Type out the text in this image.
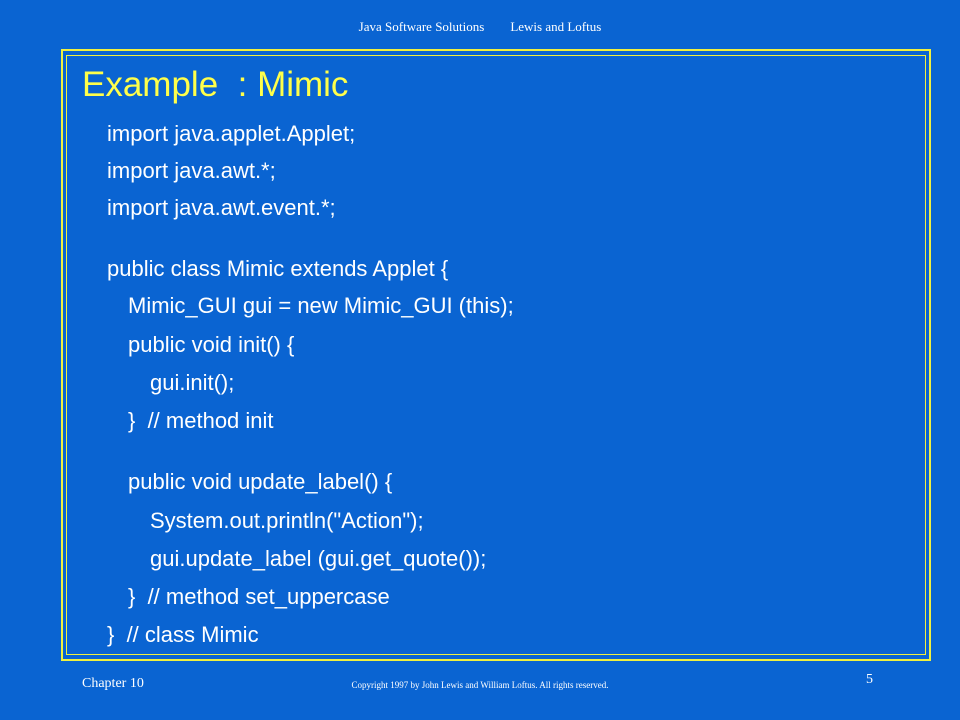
Java Software Solutions Lewis and Loftus
Example  : Mimic
import java.applet.Applet;
import java.awt.*;
import java.awt.event.*;
public class Mimic extends Applet {
Mimic_GUI gui = new Mimic_GUI (this);
public void init() {
gui.init();
}  // method init
public void update_label() {
System.out.println("Action");
gui.update_label (gui.get_quote());
}  // method set_uppercase
}  // class Mimic
Chapter 10	Copyright 1997 by John Lewis and William Loftus. All rights reserved.	5
